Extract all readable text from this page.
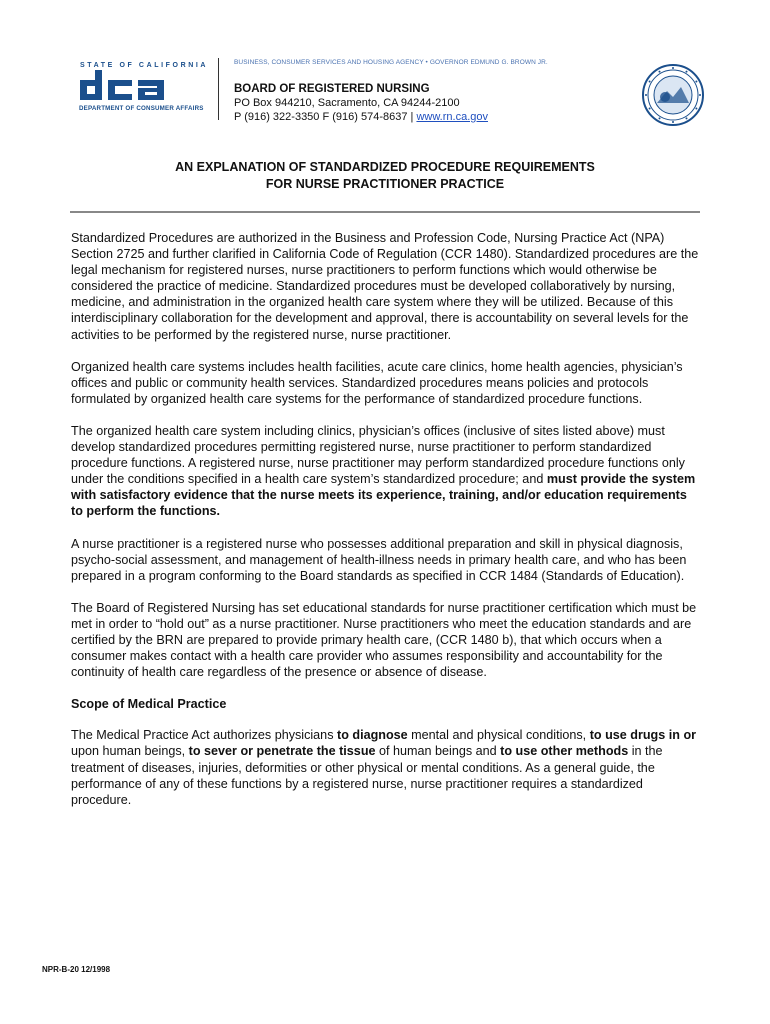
STATE OF CALIFORNIA
DEPARTMENT OF CONSUMER AFFAIRS
BUSINESS, CONSUMER SERVICES AND HOUSING AGENCY • GOVERNOR EDMUND G. BROWN JR.
BOARD OF REGISTERED NURSING
PO Box 944210, Sacramento, CA 94244-2100
P (916) 322-3350 F (916) 574-8637 | www.rn.ca.gov
AN EXPLANATION OF STANDARDIZED PROCEDURE REQUIREMENTS
FOR NURSE PRACTITIONER PRACTICE

Standardized Procedures are authorized in the Business and Profession Code, Nursing Practice Act (NPA) Section 2725 and further clarified in California Code of Regulation (CCR 1480). Standardized procedures are the legal mechanism for registered nurses, nurse practitioners to perform functions which would otherwise be considered the practice of medicine. Standardized procedures must be developed collaboratively by nursing, medicine, and administration in the organized health care system where they will be utilized. Because of this interdisciplinary collaboration for the development and approval, there is accountability on several levels for the activities to be performed by the registered nurse, nurse practitioner.

Organized health care systems includes health facilities, acute care clinics, home health agencies, physician’s offices and public or community health services. Standardized procedures means policies and protocols formulated by organized health care systems for the performance of standardized procedure functions.

The organized health care system including clinics, physician’s offices (inclusive of sites listed above) must develop standardized procedures permitting registered nurse, nurse practitioner to perform standardized procedure functions. A registered nurse, nurse practitioner may perform standardized procedure functions only under the conditions specified in a health care system’s standardized procedure; and must provide the system with satisfactory evidence that the nurse meets its experience, training, and/or education requirements to perform the functions.

A nurse practitioner is a registered nurse who possesses additional preparation and skill in physical diagnosis, psycho-social assessment, and management of health-illness needs in primary health care, and who has been prepared in a program conforming to the Board standards as specified in CCR 1484 (Standards of Education).

The Board of Registered Nursing has set educational standards for nurse practitioner certification which must be met in order to “hold out” as a nurse practitioner. Nurse practitioners who meet the education standards and are certified by the BRN are prepared to provide primary health care, (CCR 1480 b), that which occurs when a consumer makes contact with a health care provider who assumes responsibility and accountability for the continuity of health care regardless of the presence or absence of disease.

Scope of Medical Practice

The Medical Practice Act authorizes physicians to diagnose mental and physical conditions, to use drugs in or upon human beings, to sever or penetrate the tissue of human beings and to use other methods in the treatment of diseases, injuries, deformities or other physical or mental conditions. As a general guide, the performance of any of these functions by a registered nurse, nurse practitioner requires a standardized procedure.

NPR-B-20 12/1998
